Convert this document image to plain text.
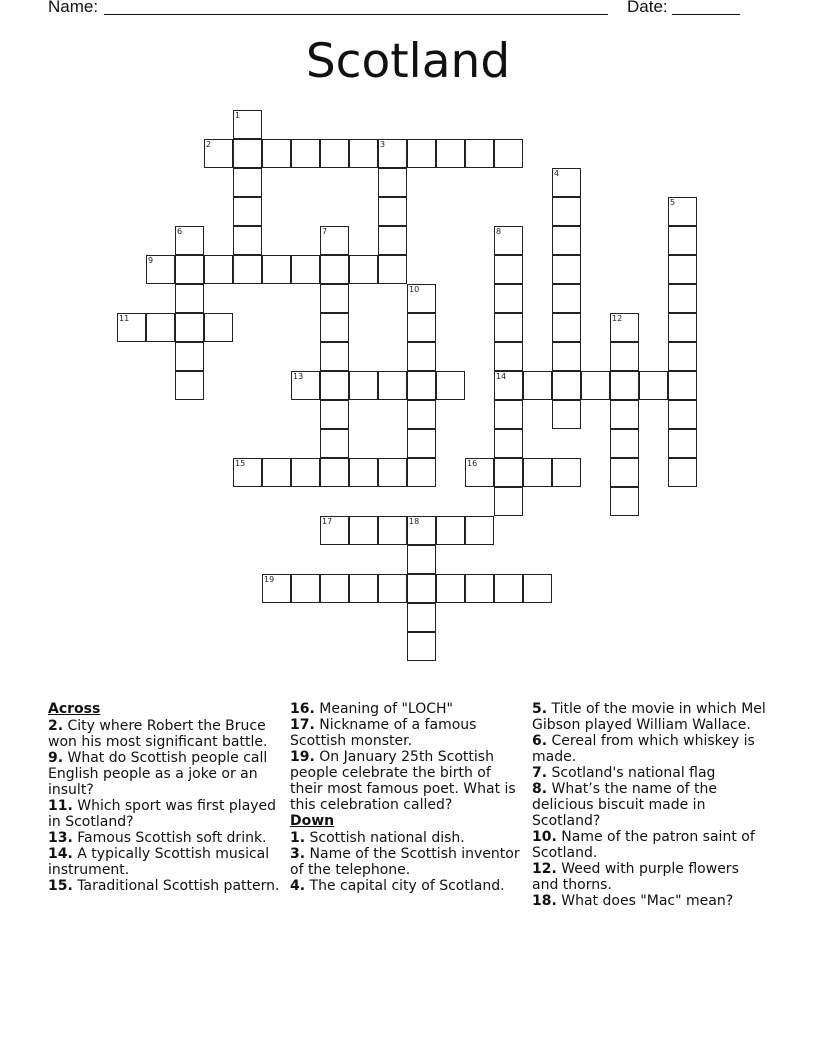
Name:	Date:
Scotland
1
2	3
4
5
6	7	8
14
9
10
11	12
13
15	16
17	18
19
Across
2. City where Robert the Bruce won his most significant battle.
9. What do Scottish people call English people as a joke or an insult?
11. Which sport was first played in Scotland?
13. Famous Scottish soft drink.
14. A typically Scottish musical instrument.
15. Taraditional Scottish pattern.
16. Meaning of "LOCH"
17. Nickname of a famous Scottish monster.
19. On January 25th Scottish people celebrate the birth of their most famous poet. What is this celebration called?
Down
1. Scottish national dish.
3. Name of the Scottish inventor of the telephone.
4. The capital city of Scotland.
5. Title of the movie in which Mel Gibson played William Wallace.
6. Cereal from which whiskey is made.
7. Scotland's national flag
8. What’s the name of the delicious biscuit made in Scotland?
10. Name of the patron saint of Scotland.
12. Weed with purple flowers and thorns.
18. What does "Mac" mean?
